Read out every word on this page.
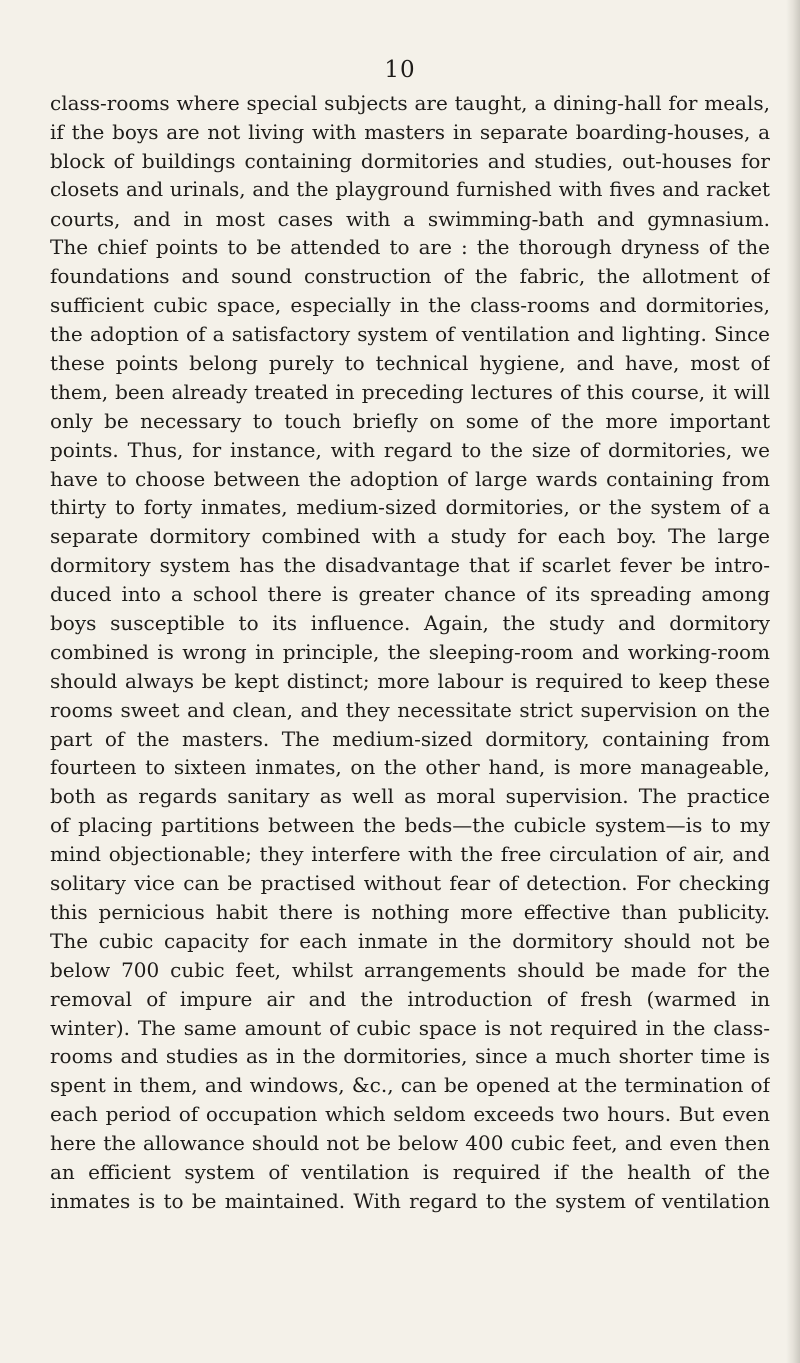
10
class-rooms where special subjects are taught, a dining-hall for meals,
if the boys are not living with masters in separate boarding-houses, a
block of buildings containing dormitories and studies, out-houses for
closets and urinals, and the playground furnished with fives and racket
courts, and in most cases with a swimming-bath and gymnasium.
The chief points to be attended to are : the thorough dryness of the
foundations and sound construction of the fabric, the allotment of
sufficient cubic space, especially in the class-rooms and dormitories,
the adoption of a satisfactory system of ventilation and lighting. Since
these points belong purely to technical hygiene, and have, most of
them, been already treated in preceding lectures of this course, it will
only be necessary to touch briefly on some of the more important
points. Thus, for instance, with regard to the size of dormitories, we
have to choose between the adoption of large wards containing from
thirty to forty inmates, medium-sized dormitories, or the system of a
separate dormitory combined with a study for each boy. The large
dormitory system has the disadvantage that if scarlet fever be intro-
duced into a school there is greater chance of its spreading among
boys susceptible to its influence. Again, the study and dormitory
combined is wrong in principle, the sleeping-room and working-room
should always be kept distinct; more labour is required to keep these
rooms sweet and clean, and they necessitate strict supervision on the
part of the masters. The medium-sized dormitory, containing from
fourteen to sixteen inmates, on the other hand, is more manageable,
both as regards sanitary as well as moral supervision. The practice
of placing partitions between the beds—the cubicle system—is to my
mind objectionable; they interfere with the free circulation of air, and
solitary vice can be practised without fear of detection. For checking
this pernicious habit there is nothing more effective than publicity.
The cubic capacity for each inmate in the dormitory should not be
below 700 cubic feet, whilst arrangements should be made for the
removal of impure air and the introduction of fresh (warmed in
winter). The same amount of cubic space is not required in the class-
rooms and studies as in the dormitories, since a much shorter time is
spent in them, and windows, &c., can be opened at the termination of
each period of occupation which seldom exceeds two hours. But even
here the allowance should not be below 400 cubic feet, and even then
an efficient system of ventilation is required if the health of the
inmates is to be maintained. With regard to the system of ventilation
